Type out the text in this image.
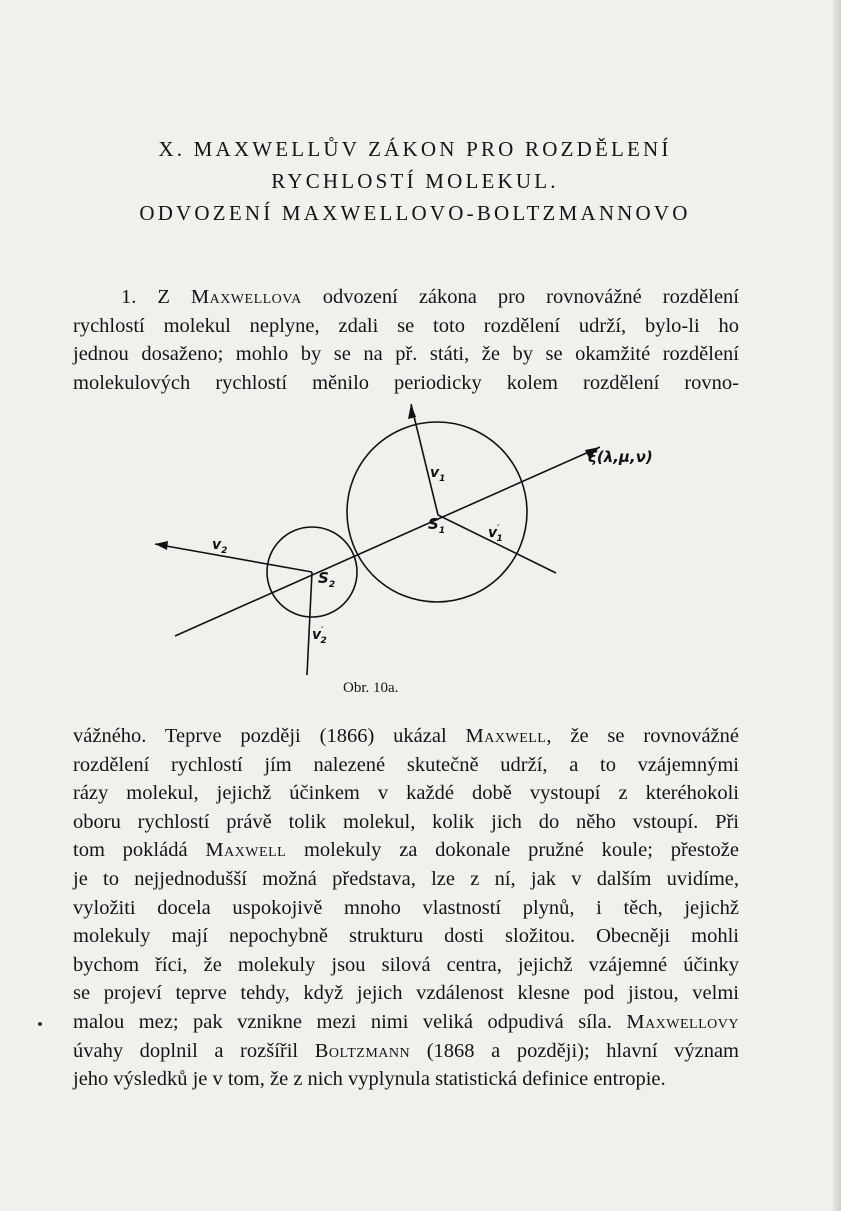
X. MAXWELLŮV ZÁKON PRO ROZDĚLENÍ
RYCHLOSTÍ MOLEKUL.
ODVOZENÍ MAXWELLOVO-BOLTZMANNOVO
1. Z Maxwellova odvození zákona pro rovnovážné rozdělení
rychlostí molekul neplyne, zdali se toto rozdělení udrží, bylo-li ho
jednou dosaženo; mohlo by se na př. státi, že by se okamžité rozdělení
molekulových rychlostí měnilo periodicky kolem rozdělení rovno-
ξ(λ,μ,ν)
$v_1$
$S_1$	v′ 1
$v_2$
$S_2$
v′ 2
Obr. 10a.
vážného. Teprve později (1866) ukázal Maxwell, že se rovnovážné
rozdělení rychlostí jím nalezené skutečně udrží, a to vzájemnými
rázy molekul, jejichž účinkem v každé době vystoupí z kteréhokoli
oboru rychlostí právě tolik molekul, kolik jich do něho vstoupí. Při
tom pokládá Maxwell molekuly za dokonale pružné koule; přestože
je to nejjednodušší možná představa, lze z ní, jak v dalším uvidíme,
vyložiti docela uspokojivě mnoho vlastností plynů, i těch, jejichž
molekuly mají nepochybně strukturu dosti složitou. Obecněji mohli
bychom říci, že molekuly jsou silová centra, jejichž vzájemné účinky
se projeví teprve tehdy, když jejich vzdálenost klesne pod jistou, velmi
malou mez; pak vznikne mezi nimi veliká odpudivá síla. Maxwellovy
úvahy doplnil a rozšířil Boltzmann (1868 a později); hlavní význam
jeho výsledků je v tom, že z nich vyplynula statistická definice entropie.
